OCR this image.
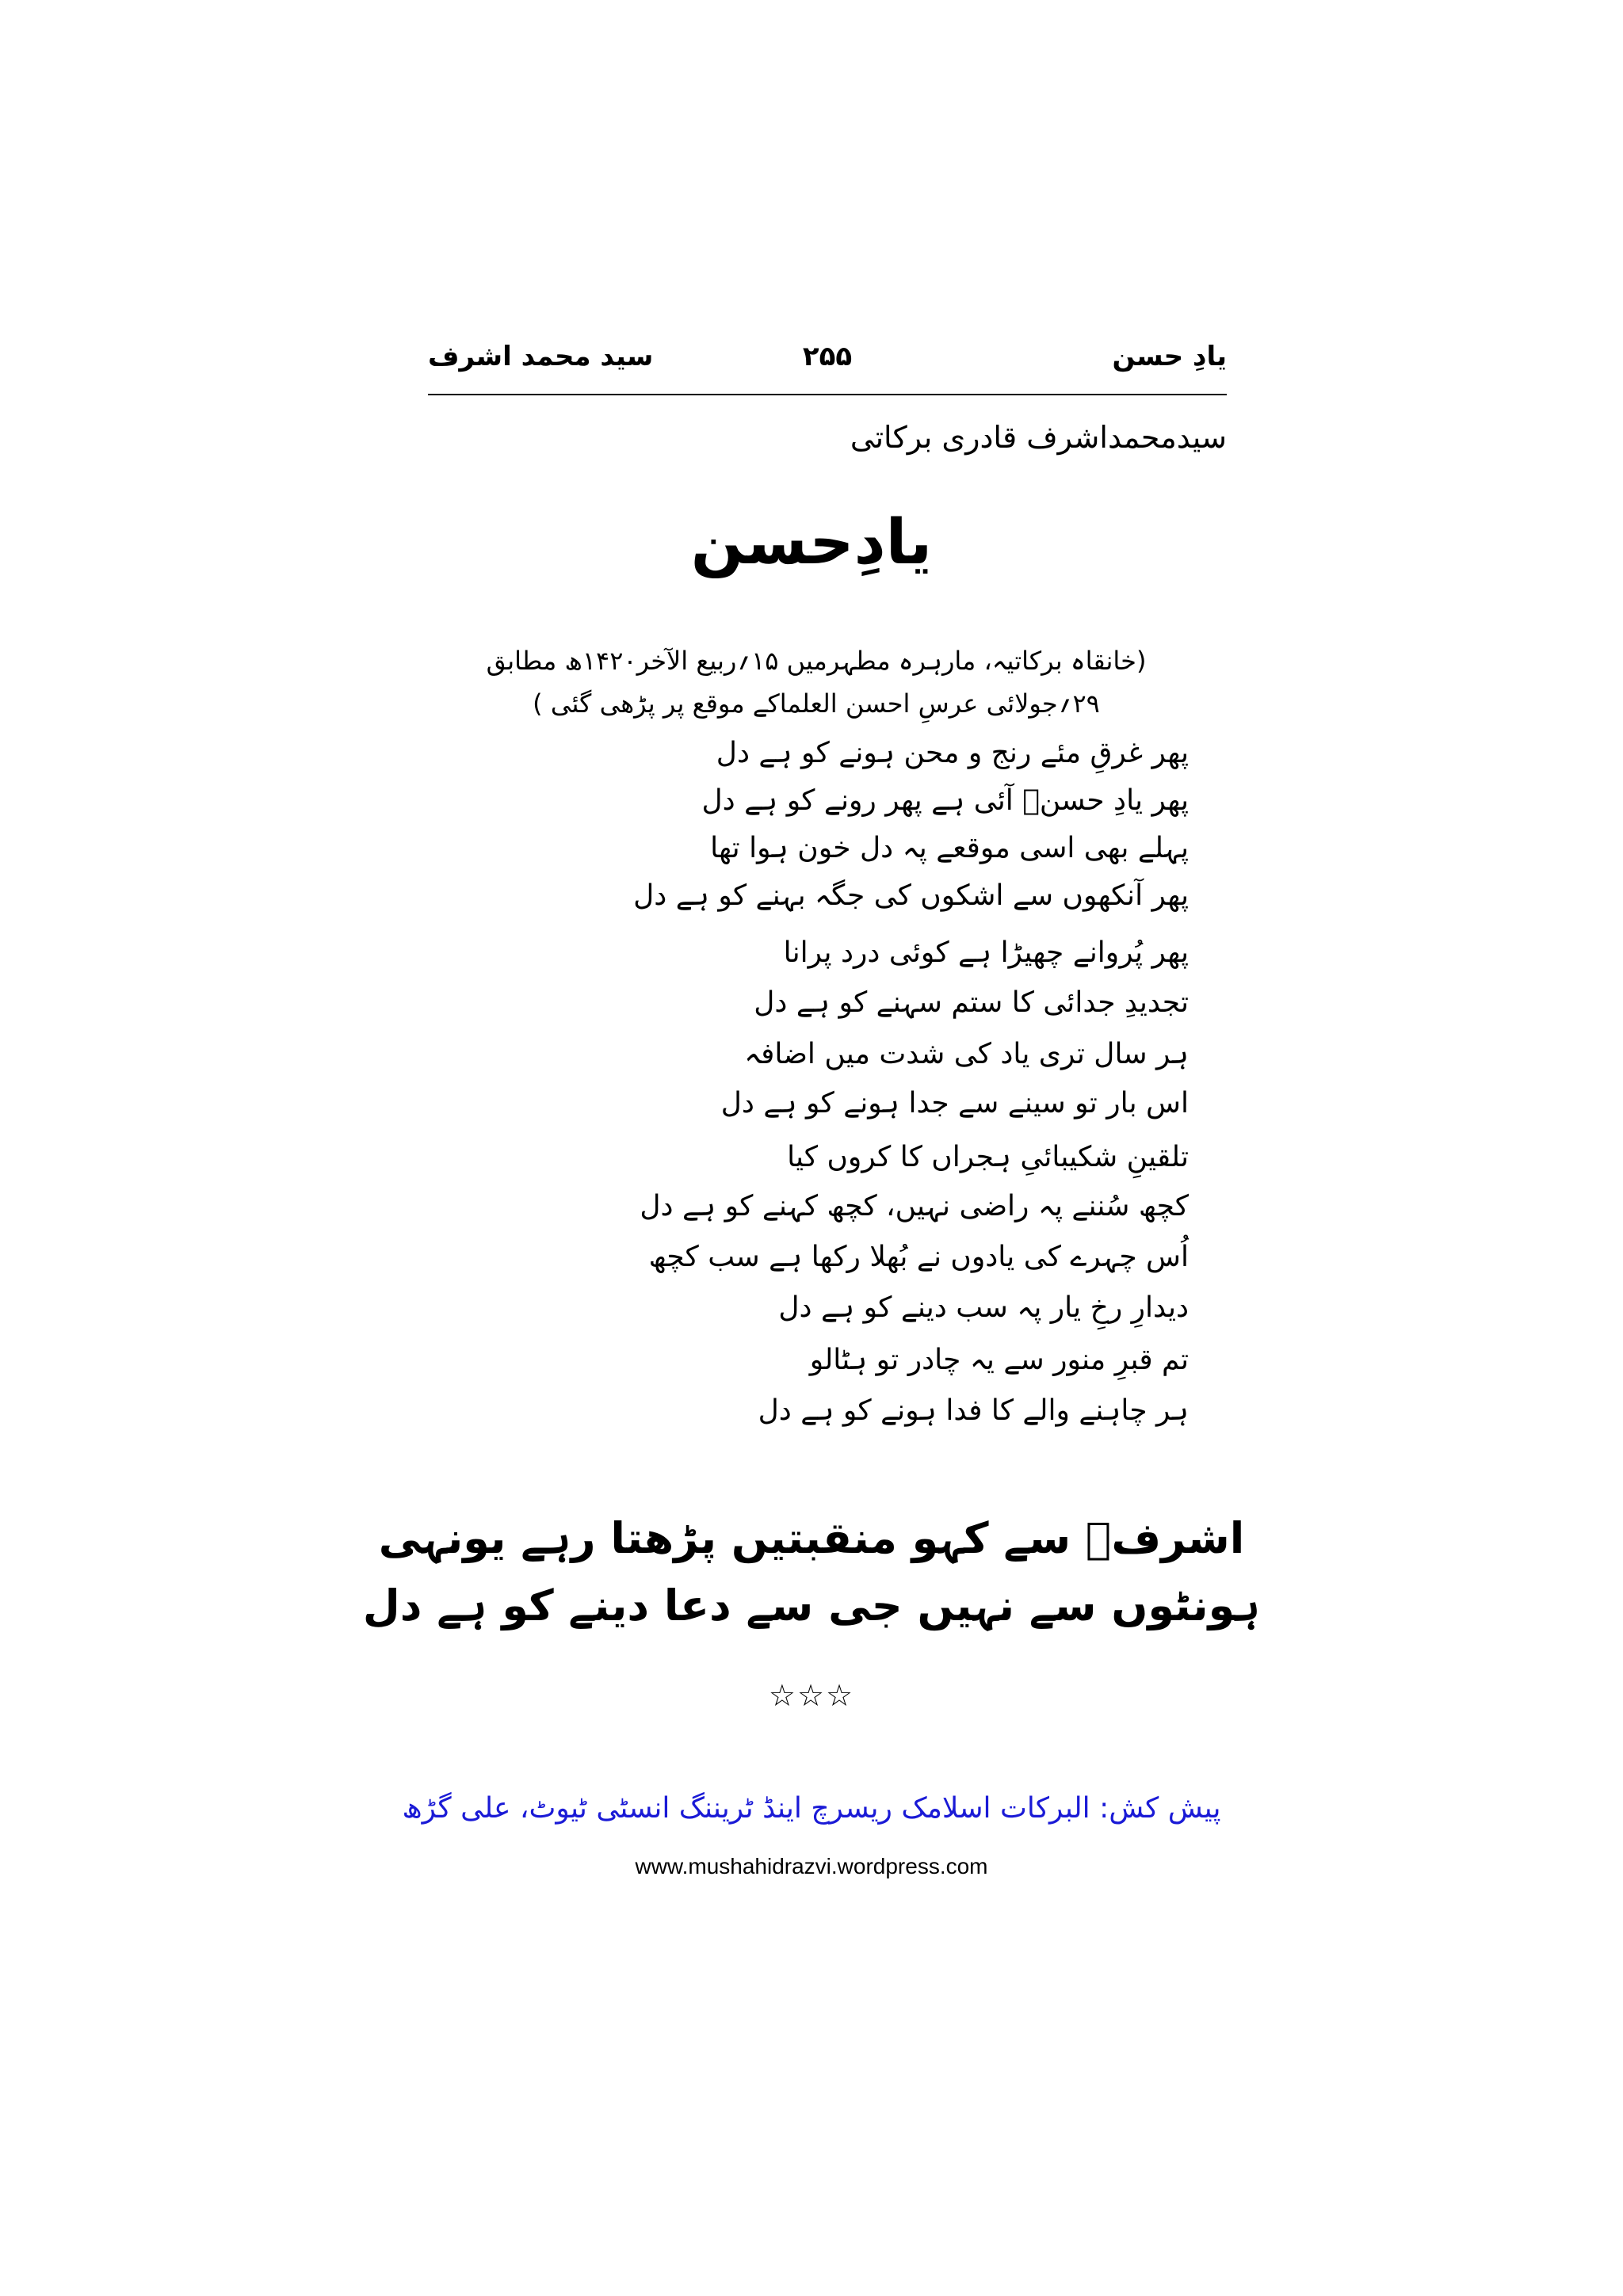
یادِ حسن
۲۵۵
سید محمد اشرف
سیدمحمداشرف قادری برکاتی
یادِحسن
(خانقاہ برکاتیہ، مارہرہ مطہرمیں ۱۵؍ربیع الآخر۱۴۲۰ھ مطابق
۲۹؍جولائی عرسِ احسن العلماکے موقع پر پڑھی گئی )
پھر غرقِ مئے رنج و محن ہونے کو ہے دل
پھر یادِ حسنؔ آئی ہے پھر رونے کو ہے دل
پہلے بھی اسی موقعے پہ دل خون ہوا تھا
پھر آنکھوں سے اشکوں کی جگہ بہنے کو ہے دل
پھر پُروانے چھیڑا ہے کوئی درد پرانا
تجدیدِ جدائی کا ستم سہنے کو ہے دل
ہر سال تری یاد کی شدت میں اضافہ
اس بار تو سینے سے جدا ہونے کو ہے دل
تلقینِ شکیبائیِ ہجراں کا کروں کیا
کچھ سُننے پہ راضی نہیں، کچھ کہنے کو ہے دل
اُس چہرے کی یادوں نے بُھلا رکھا ہے سب کچھ
دیدارِ رخِ یار پہ سب دینے کو ہے دل
تم قبرِ منور سے یہ چادر تو ہٹالو
ہر چاہنے والے کا فدا ہونے کو ہے دل
اشرفؔ سے کہو منقبتیں پڑھتا رہے یونہی
ہونٹوں سے نہیں جی سے دعا دینے کو ہے دل
☆☆☆
پیش کش: البرکات اسلامک ریسرچ اینڈ ٹریننگ انسٹی ٹیوٹ، علی گڑھ
www.mushahidrazvi.wordpress.com
